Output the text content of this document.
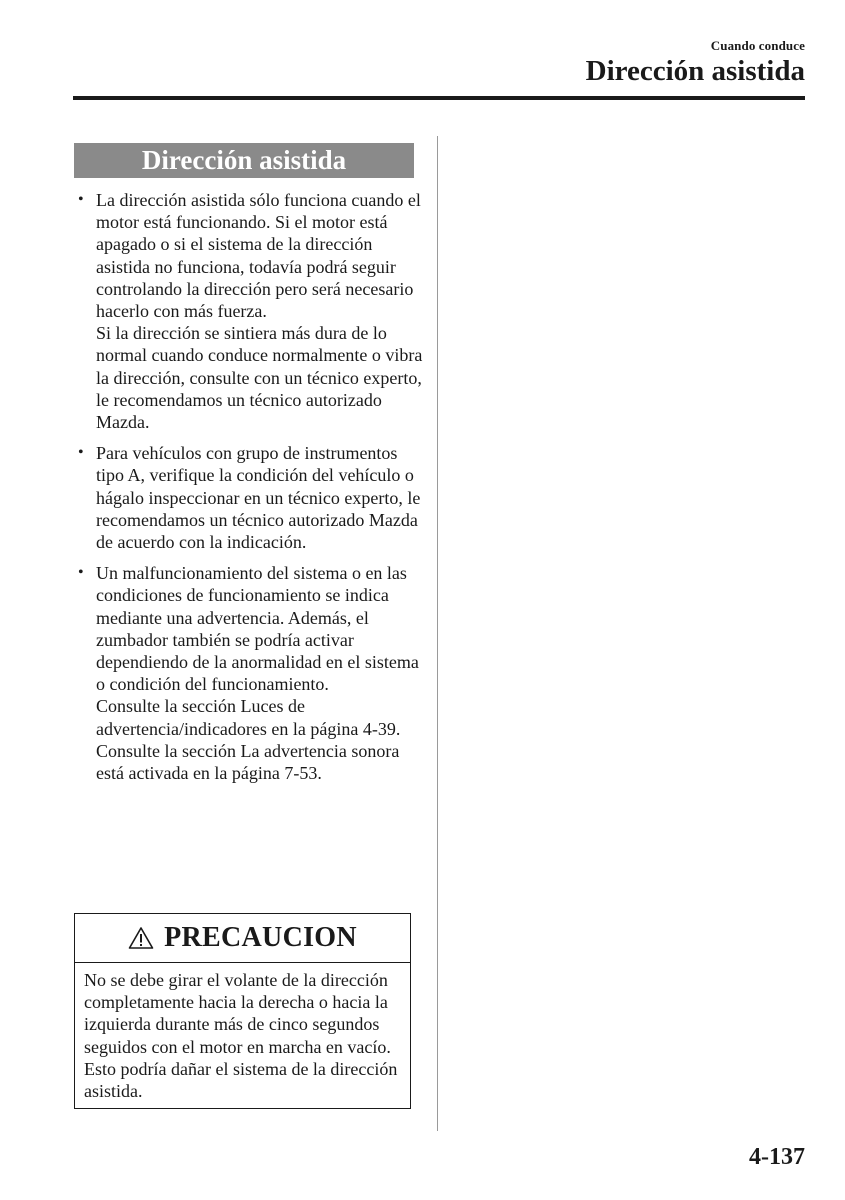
Cuando conduce
Dirección asistida
Dirección asistida
• La dirección asistida sólo funciona cuando el motor está funcionando. Si el motor está apagado o si el sistema de la dirección asistida no funciona, todavía podrá seguir controlando la dirección pero será necesario hacerlo con más fuerza.

Si la dirección se sintiera más dura de lo normal cuando conduce normalmente o vibra la dirección, consulte con un técnico experto, le recomendamos un técnico autorizado Mazda.

• Para vehículos con grupo de instrumentos tipo A, verifique la condición del vehículo o hágalo inspeccionar en un técnico experto, le recomendamos un técnico autorizado Mazda de acuerdo con la indicación.

• Un malfuncionamiento del sistema o en las condiciones de funcionamiento se indica mediante una advertencia. Además, el zumbador también se podría activar dependiendo de la anormalidad en el sistema o condición del funcionamiento.

Consulte la sección Luces de advertencia/indicadores en la página 4-39.

Consulte la sección La advertencia sonora está activada en la página 7-53.

PRECAUCION
No se debe girar el volante de la dirección completamente hacia la derecha o hacia la izquierda durante más de cinco segundos seguidos con el motor en marcha en vacío. Esto podría dañar el sistema de la dirección asistida.
4-137
